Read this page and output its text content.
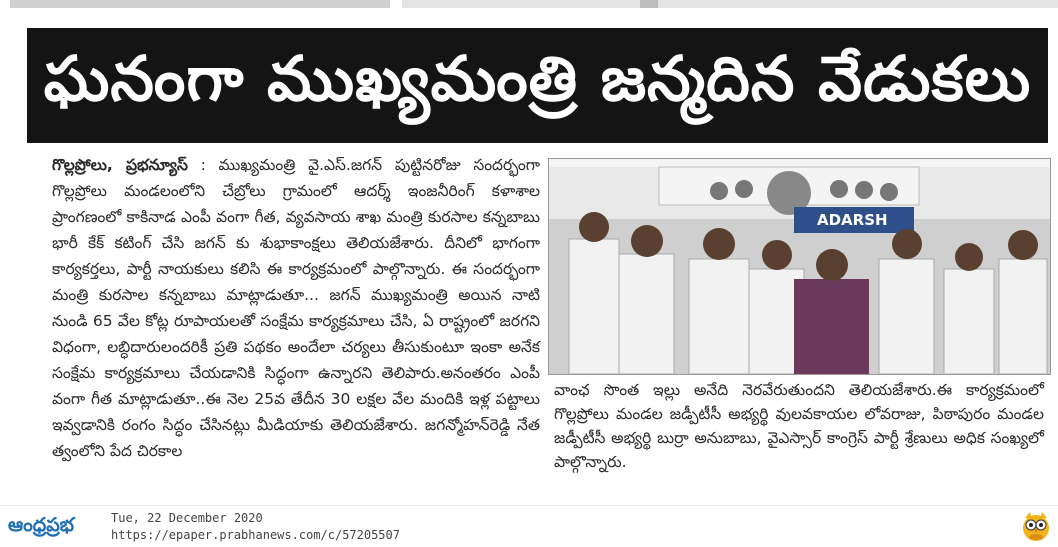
ఘనంగా ముఖ్యమంత్రి జన్మదిన వేడుకలు
గొల్లప్రోలు, ప్రభన్యూస్ : ముఖ్యమంత్రి వై.ఎస్.జగన్ పుట్టినరోజు సందర్భంగా గొల్లప్రోలు మండలంలోని చేబ్రోలు గ్రామంలో ఆదర్శ్ ఇంజనీరింగ్ కళాశాల ప్రాంగణంలో కాకినాడ ఎంపీ వంగా గీత, వ్యవసాయ శాఖ మంత్రి కురసాల కన్నబాబు భారీ కేక్ కటింగ్ చేసి జగన్ కు శుభాకాంక్షలు తెలియజేశారు. దీనిలో భాగంగా కార్యకర్తలు, పార్టీ నాయకులు కలిసి ఈ కార్యక్రమంలో పాల్గొన్నారు. ఈ సందర్భంగా మంత్రి కురసాల కన్నబాబు మాట్లాడుతూ... జగన్ ముఖ్యమంత్రి అయిన నాటి నుండి 65 వేల కోట్ల రూపాయలతో సంక్షేమ కార్యక్రమాలు చేసి, ఏ రాష్ట్రంలో జరగని విధంగా, లబ్ధిదారులందరికీ ప్రతి పథకం అందేలా చర్యలు తీసుకుంటూ ఇంకా అనేక సంక్షేమ కార్యక్రమాలు చేయడానికి సిద్ధంగా ఉన్నారని తెలిపారు.అనంతరం ఎంపీ వంగా గీత మాట్లాడుతూ..ఈ నెల 25వ తేదీన 30 లక్షల వేల మందికి ఇళ్ల పట్టాలు ఇవ్వడానికి రంగం సిద్ధం చేసినట్లు మీడియాకు తెలియజేశారు. జగన్మోహన్‌రెడ్డి నేత త్వంలోని పేద చిరకాల
ADARSH
వాంఛ సొంత ఇల్లు అనేది నెరవేరుతుందని తెలియజేశారు.ఈ కార్యక్రమంలో గొల్లప్రోలు మండల జడ్పీటీసీ అభ్యర్థి వులవకాయల లోవరాజు, పిఠాపురం మండల జడ్పీటీసీ అభ్యర్థి బుర్రా అనుబాబు, వైఎస్సార్ కాంగ్రెస్ పార్టీ శ్రేణులు అధిక సంఖ్యలో పాల్గొన్నారు.
ఆంధ్రప్రభ	Tue, 22 December 2020
https://epaper.prabhanews.com/c/57205507
